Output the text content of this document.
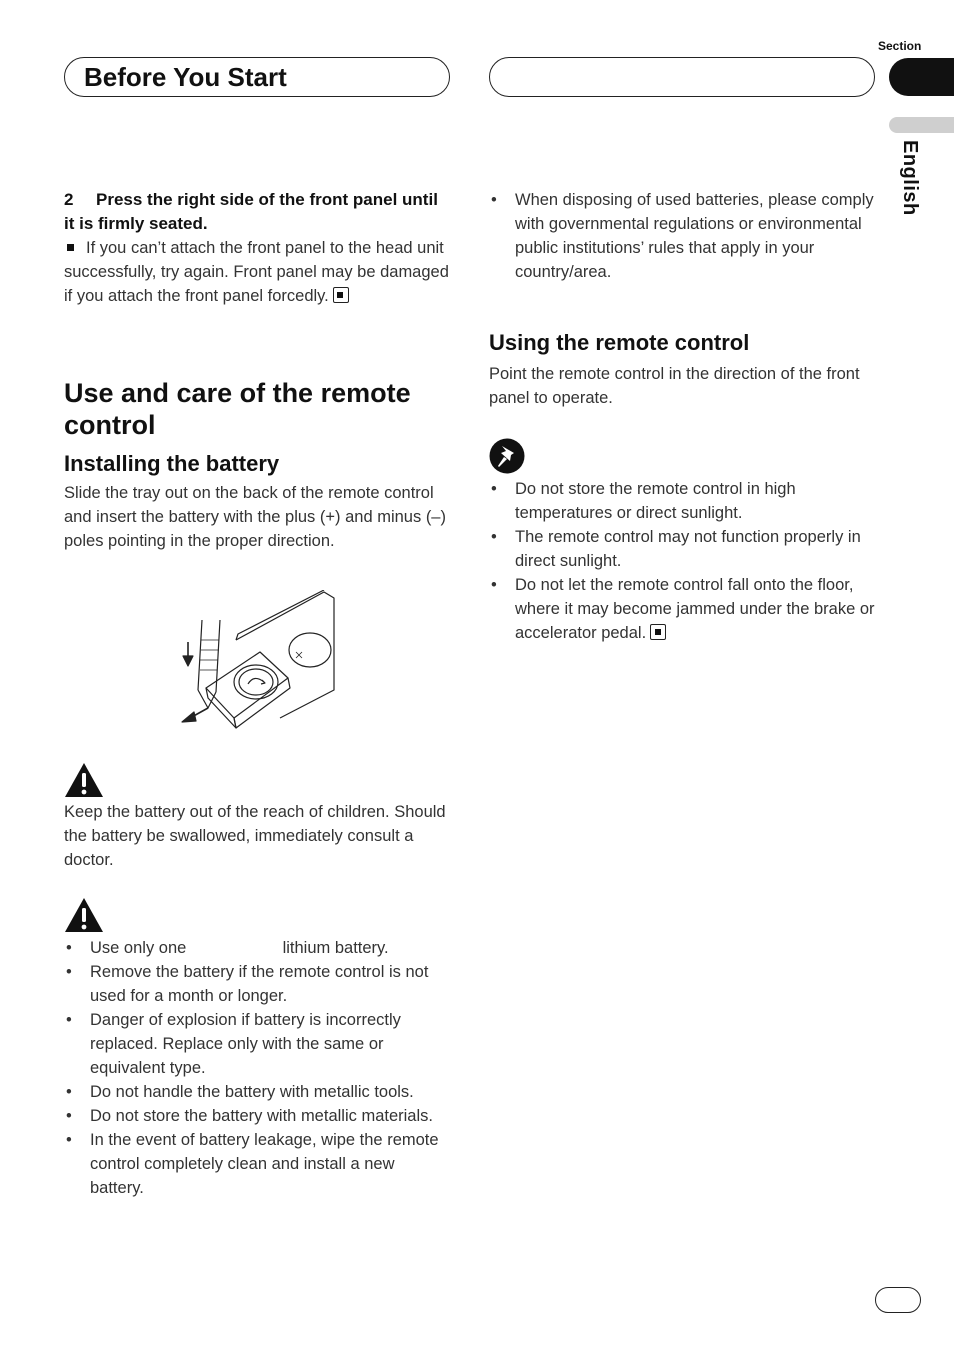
Section
English
Before You Start
2 Press the right side of the front panel until it is firmly seated.

If you can’t attach the front panel to the head unit successfully, try again. Front panel may be damaged if you attach the front panel forcedly.

Use and care of the remote control
Installing the battery

Slide the tray out on the back of the remote control and insert the battery with the plus (+) and minus (–) poles pointing in the proper direction.

Keep the battery out of the reach of children. Should the battery be swallowed, immediately consult a doctor.

• Use only one                     lithium battery.
• Remove the battery if the remote control is not used for a month or longer.
• Danger of explosion if battery is incorrectly replaced. Replace only with the same or equivalent type.
• Do not handle the battery with metallic tools.
• Do not store the battery with metallic materials.
• In the event of battery leakage, wipe the remote control completely clean and install a new battery.
• When disposing of used batteries, please comply with governmental regulations or environmental public institutions’ rules that apply in your country/area.
Using the remote control

Point the remote control in the direction of the front panel to operate.

• Do not store the remote control in high temperatures or direct sunlight.
• The remote control may not function properly in direct sunlight.
• Do not let the remote control fall onto the floor, where it may become jammed under the brake or accelerator pedal.
